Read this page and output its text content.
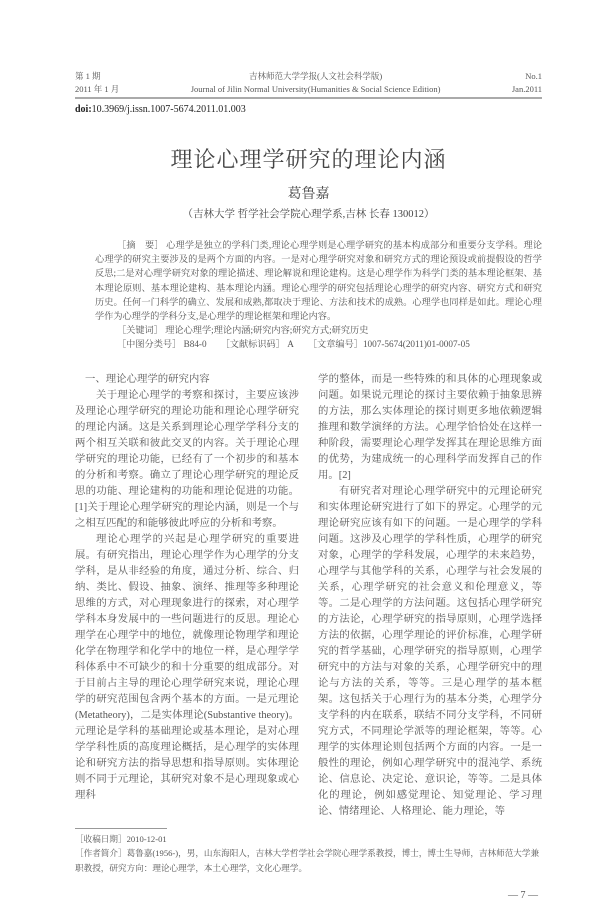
第 1 期
2011 年 1 月
吉林师范大学学报(人文社会科学版)
Journal of Jilin Normal University(Humanities & Social Science Edition)
No.1
Jan.2011
doi:10.3969/j.issn.1007-5674.2011.01.003
理论心理学研究的理论内涵
葛鲁嘉
（吉林大学 哲学社会学院心理学系,吉林 长春 130012）

［摘　要］ 心理学是独立的学科门类,理论心理学则是心理学研究的基本构成部分和重要分支学科。理论心理学的研究主要涉及的是两个方面的内容。一是对心理学研究对象和研究方式的理论预设或前提假设的哲学反思;二是对心理学研究对象的理论描述、理论解说和理论建构。这是心理学作为科学门类的基本理论框架、基本理论原则、基本理论建构、基本理论内涵。理论心理学的研究包括理论心理学的研究内容、研究方式和研究历史。任何一门科学的确立、发展和成熟,都取决于理论、方法和技术的成熟。心理学也同样是如此。理论心理学作为心理学的学科分支,是心理学的理论框架和理论内容。

［关键词］ 理论心理学;理论内涵;研究内容;研究方式;研究历史

［中图分类号］ B84-0 ［文献标识码］ A ［文章编号］1007-5674(2011)01-0007-05

一、理论心理学的研究内容

关于理论心理学的考察和探讨，主要应该涉及理论心理学研究的理论功能和理论心理学研究的理论内涵。这是关系到理论心理学学科分支的两个相互关联和彼此交叉的内容。关于理论心理学研究的理论功能，已经有了一个初步的和基本的分析和考察。确立了理论心理学研究的理论反思的功能、理论建构的功能和理论促进的功能。[1]关于理论心理学研究的理论内涵，则是一个与之相互匹配的和能够彼此呼应的分析和考察。

理论心理学的兴起是心理学研究的重要进展。有研究指出，理论心理学作为心理学的分支学科，是从非经验的角度，通过分析、综合、归纳、类比、假设、抽象、演绎、推理等多种理论思维的方式，对心理现象进行的探索，对心理学学科本身发展中的一些问题进行的反思。理论心理学在心理学中的地位，就像理论物理学和理论化学在物理学和化学中的地位一样，是心理学学科体系中不可缺少的和十分重要的组成部分。对于目前占主导的理论心理学研究来说，理论心理学的研究范围包含两个基本的方面。一是元理论(Metatheory)，二是实体理论(Substantive theory)。元理论是学科的基础理论或基本理论，是对心理学学科性质的高度理论概括，是心理学的实体理论和研究方法的指导思想和指导原则。实体理论则不同于元理论，其研究对象不是心理现象或心理科

学的整体，而是一些特殊的和具体的心理现象或问题。如果说元理论的探讨主要依赖于抽象思辨的方法，那么实体理论的探讨则更多地依赖逻辑推理和数学演绎的方法。心理学恰恰处在这样一种阶段，需要理论心理学发挥其在理论思维方面的优势，为建成统一的心理科学而发挥自己的作用。[2]

有研究者对理论心理学研究中的元理论研究和实体理论研究进行了如下的界定。心理学的元理论研究应该有如下的问题。一是心理学的学科问题。这涉及心理学的学科性质，心理学的研究对象，心理学的学科发展，心理学的未来趋势，心理学与其他学科的关系，心理学与社会发展的关系，心理学研究的社会意义和伦理意义，等等。二是心理学的方法问题。这包括心理学研究的方法论，心理学研究的指导原则，心理学选择方法的依据，心理学理论的评价标准，心理学研究的哲学基础，心理学研究的指导原则，心理学研究中的方法与对象的关系，心理学研究中的理论与方法的关系，等等。三是心理学的基本框架。这包括关于心理行为的基本分类，心理学分支学科的内在联系，联结不同分支学科，不同研究方式，不同理论学派等的理论框架，等等。心理学的实体理论则包括两个方面的内容。一是一般性的理论，例如心理学研究中的混沌学、系统论、信息论、决定论、意识论，等等。二是具体化的理论，例如感觉理论、知觉理论、学习理论、情绪理论、人格理论、能力理论，等

［收稿日期］2010-12-01

［作者简介］葛鲁嘉(1956-)，男，山东海阳人，吉林大学哲学社会学院心理学系教授，博士，博士生导师，吉林师范大学兼职教授，研究方向：理论心理学，本土心理学，文化心理学。

— 7 —
